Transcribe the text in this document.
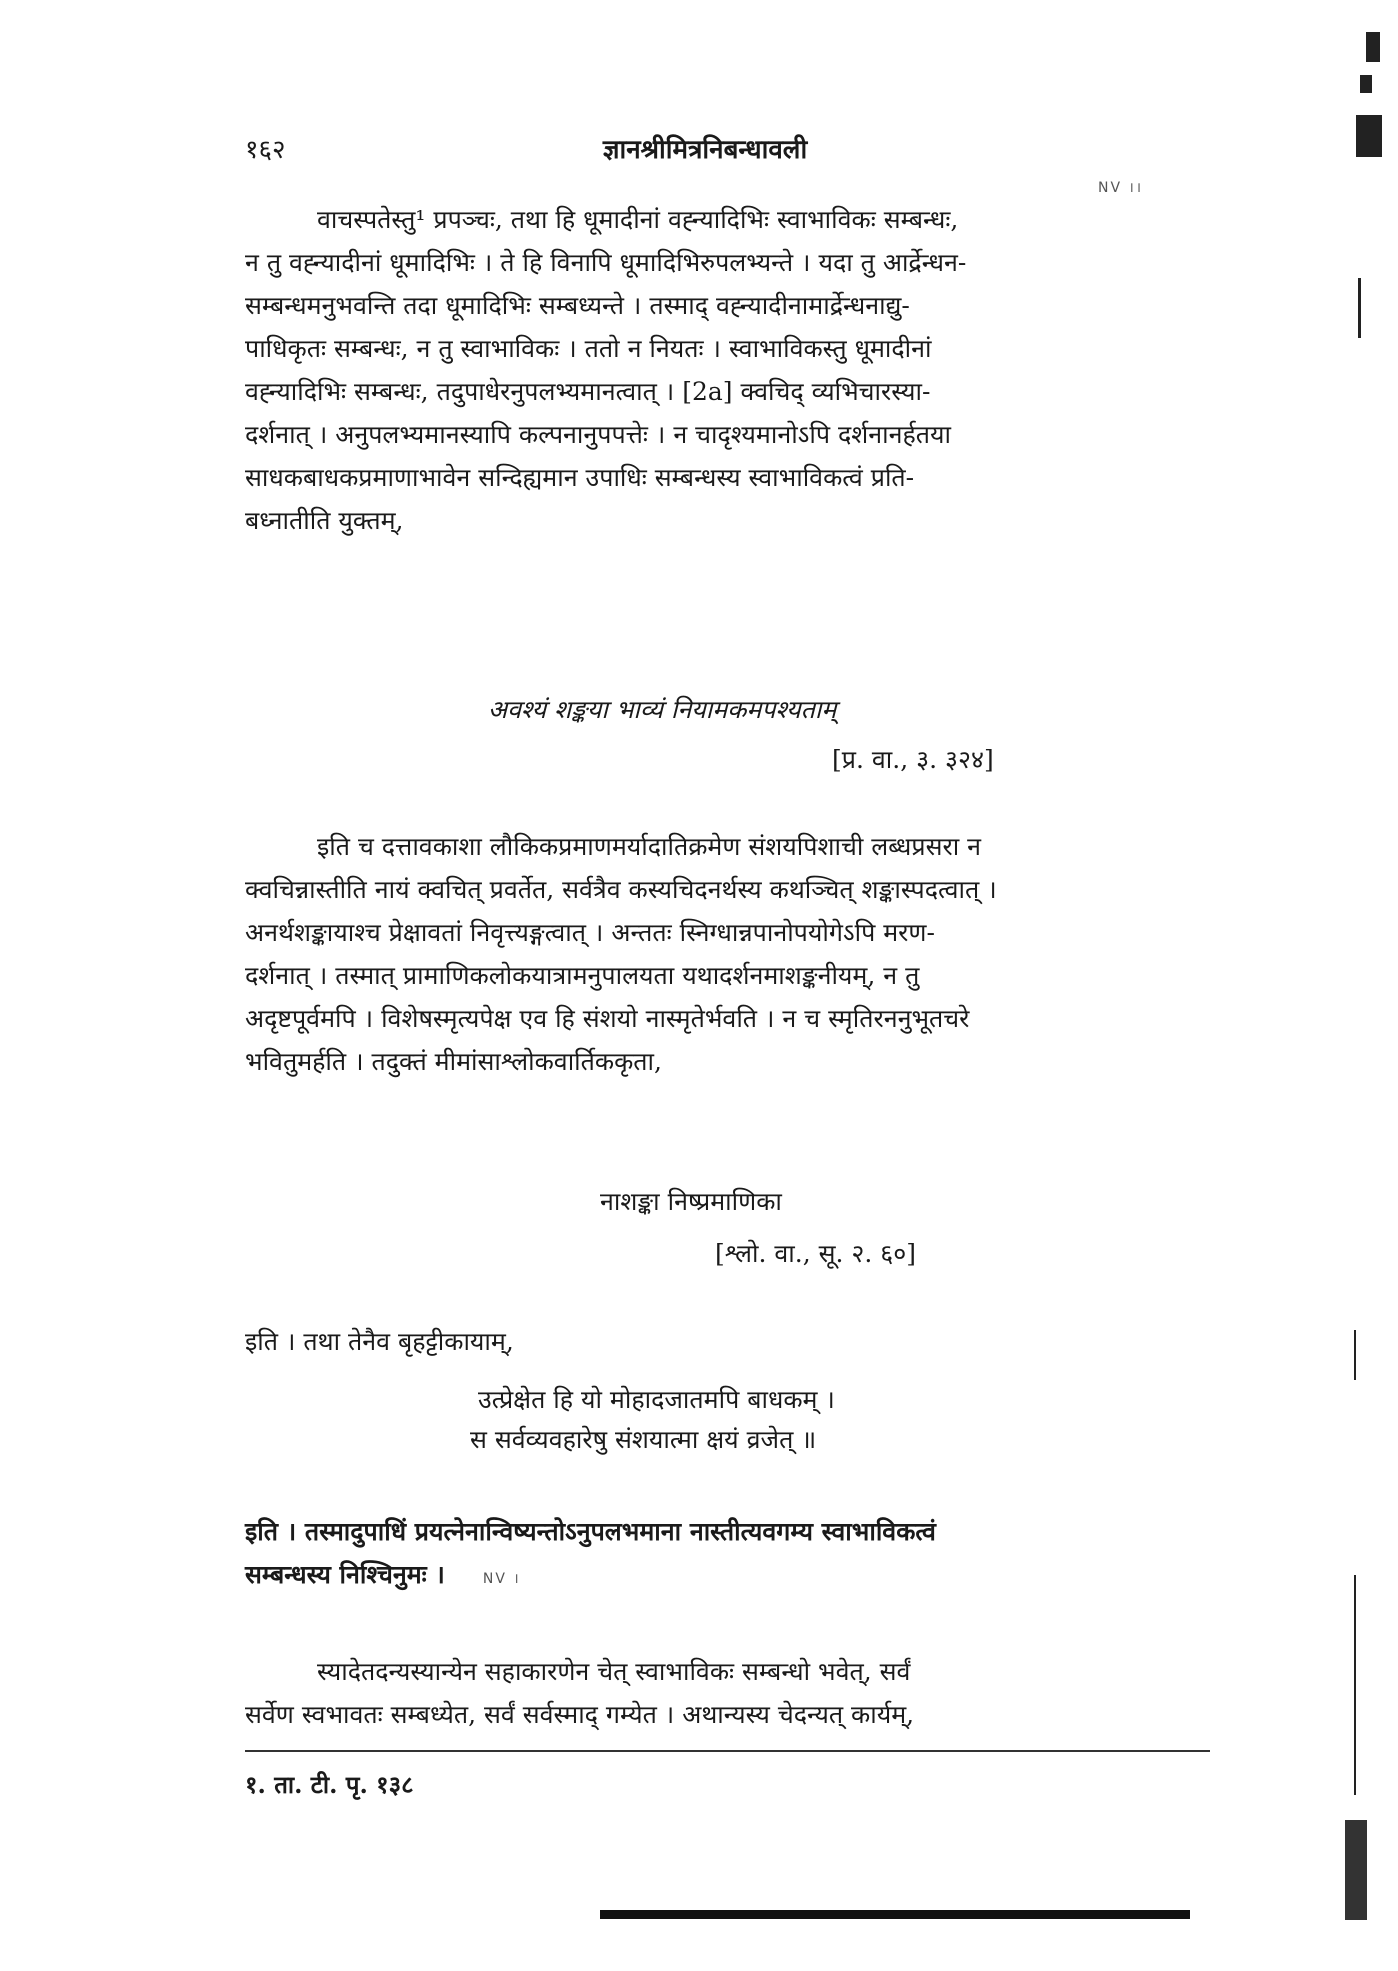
१६२	ज्ञानश्रीमित्रनिबन्धावली
NV ।।
वाचस्पतेस्तु¹ प्रपञ्चः, तथा हि धूमादीनां वह्न्यादिभिः स्वाभाविकः सम्बन्धः,
न तु वह्न्यादीनां धूमादिभिः । ते हि विनापि धूमादिभिरुपलभ्यन्ते । यदा तु आर्द्रेन्धन-
सम्बन्धमनुभवन्ति तदा धूमादिभिः सम्बध्यन्ते । तस्माद् वह्न्यादीनामार्द्रेन्धनाद्यु-
पाधिकृतः सम्बन्धः, न तु स्वाभाविकः । ततो न नियतः । स्वाभाविकस्तु धूमादीनां
वह्न्यादिभिः सम्बन्धः, तदुपाधेरनुपलभ्यमानत्वात् । [2a] क्वचिद् व्यभिचारस्या-
दर्शनात् । अनुपलभ्यमानस्यापि कल्पनानुपपत्तेः । न चादृश्यमानोऽपि दर्शनानर्हतया
साधकबाधकप्रमाणाभावेन सन्दिह्यमान उपाधिः सम्बन्धस्य स्वाभाविकत्वं प्रति-
बध्नातीति युक्तम्,
अवश्यं शङ्कया भाव्यं नियामकमपश्यताम्
[प्र. वा., ३. ३२४]
इति च दत्तावकाशा लौकिकप्रमाणमर्यादातिक्रमेण संशयपिशाची लब्धप्रसरा न
क्वचिन्नास्तीति नायं क्वचित् प्रवर्तेत, सर्वत्रैव कस्यचिदनर्थस्य कथञ्चित् शङ्कास्पदत्वात् ।
अनर्थशङ्कायाश्च प्रेक्षावतां निवृत्त्यङ्गत्वात् । अन्ततः स्निग्धान्नपानोपयोगेऽपि मरण-
दर्शनात् । तस्मात् प्रामाणिकलोकयात्रामनुपालयता यथादर्शनमाशङ्कनीयम्, न तु
अदृष्टपूर्वमपि । विशेषस्मृत्यपेक्ष एव हि संशयो नास्मृतेर्भवति । न च स्मृतिरननुभूतचरे
भवितुमर्हति । तदुक्तं मीमांसाश्लोकवार्तिककृता,
नाशङ्का निष्प्रमाणिका
[श्लो. वा., सू. २. ६०]
इति । तथा तेनैव बृहट्टीकायाम्,
उत्प्रेक्षेत हि यो मोहादजातमपि बाधकम् ।
स सर्वव्यवहारेषु संशयात्मा क्षयं व्रजेत् ॥
इति । तस्मादुपाधिं प्रयत्नेनान्विष्यन्तोऽनुपलभमाना नास्तीत्यवगम्य स्वाभाविकत्वं
सम्बन्धस्य निश्चिनुमः ।	NV ।
स्यादेतदन्यस्यान्येन सहाकारणेन चेत् स्वाभाविकः सम्बन्धो भवेत्, सर्वं
सर्वेण स्वभावतः सम्बध्येत, सर्वं सर्वस्माद् गम्येत । अथान्यस्य चेदन्यत् कार्यम्,
१. ता. टी. पृ. १३८
